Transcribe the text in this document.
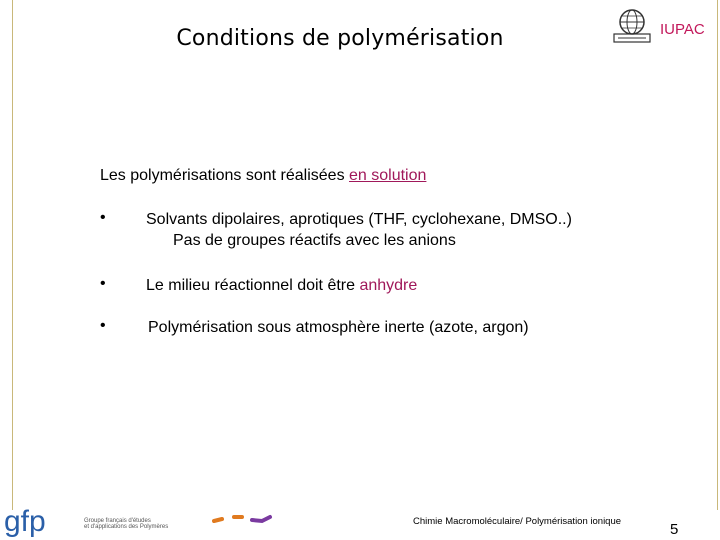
Conditions de polymérisation	IUPAC
Les polymérisations sont réalisées en solution
•	Solvants dipolaires, aprotiques (THF, cyclohexane, DMSO..)
Pas de groupes réactifs avec les anions
•	Le milieu réactionnel doit être anhydre
•	Polymérisation sous atmosphère inerte (azote, argon)
gfp	Groupe français d'études
et d'applications des Polymères	Chimie Macromoléculaire/ Polymérisation ionique	5
